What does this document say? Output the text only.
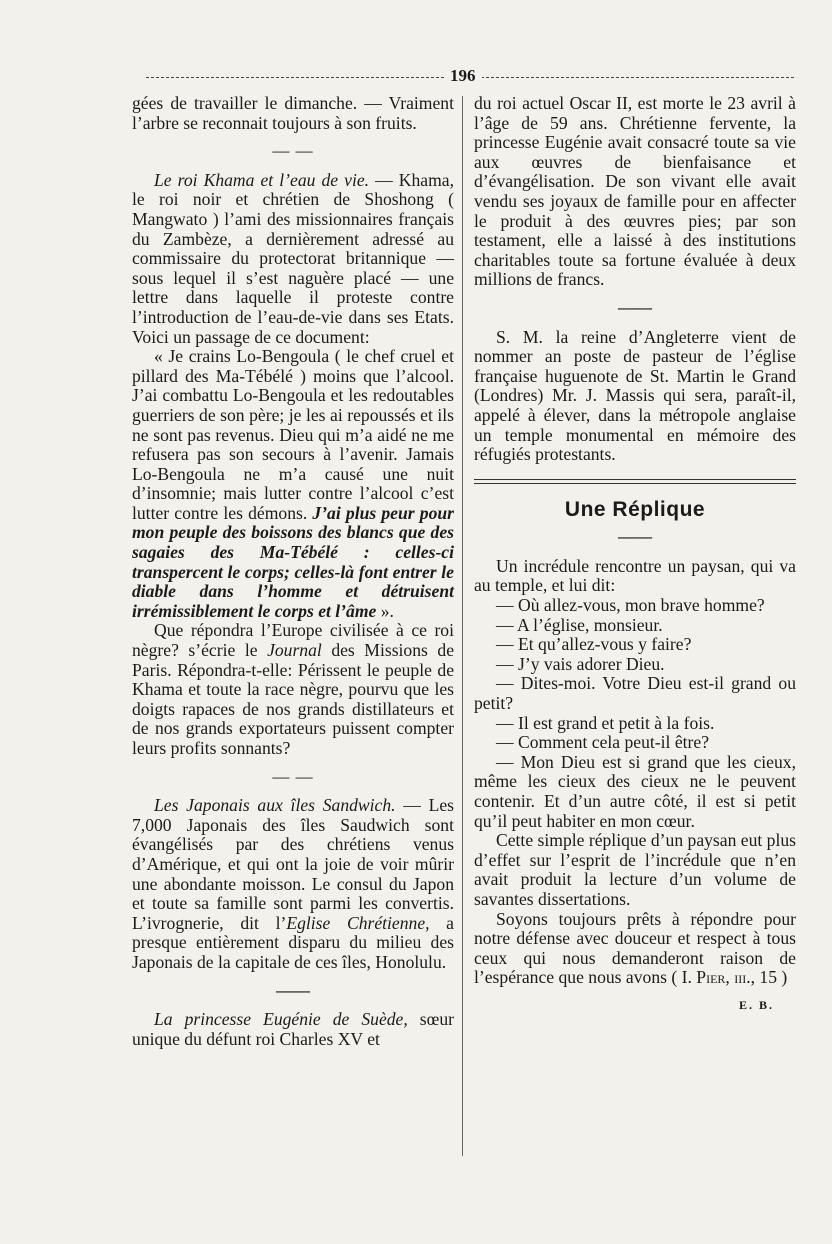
196

gées de travailler le dimanche. — Vraiment l’arbre se reconnait toujours à son fruits.

— —

Le roi Khama et l’eau de vie. — Khama, le roi noir et chrétien de Shoshong ( Mangwato ) l’ami des missionnaires français du Zambèze, a dernièrement adressé au commissaire du protectorat britannique — sous lequel il s’est naguère placé — une lettre dans laquelle il proteste contre l’introduction de l’eau-de-vie dans ses Etats. Voici un passage de ce document:

« Je crains Lo-Bengoula ( le chef cruel et pillard des Ma-Tébélé ) moins que l’alcool. J’ai combattu Lo-Bengoula et les redoutables guerriers de son père; je les ai repoussés et ils ne sont pas revenus. Dieu qui m’a aidé ne me refusera pas son secours à l’avenir. Jamais Lo-Bengoula ne m’a causé une nuit d’insomnie; mais lutter contre l’alcool c’est lutter contre les démons. J’ai plus peur pour mon peuple des boissons des blancs que des sagaies des Ma-Tébélé : celles-ci transpercent le corps; celles-là font entrer le diable dans l’homme et détruisent irrémissiblement le corps et l’âme ».

Que répondra l’Europe civilisée à ce roi nègre? s’écrie le Journal des Missions de Paris. Répondra-t-elle: Périssent le peuple de Khama et toute la race nègre, pourvu que les doigts rapaces de nos grands distillateurs et de nos grands exportateurs puissent compter leurs profits sonnants?

— —

Les Japonais aux îles Sandwich. — Les 7,000 Japonais des îles Saudwich sont évangélisés par des chrétiens venus d’Amérique, et qui ont la joie de voir mûrir une abondante moisson. Le consul du Japon et toute sa famille sont parmi les convertis. L’ivrognerie, dit l’Eglise Chrétienne, a presque entièrement disparu du milieu des Japonais de la capitale de ces îles, Honolulu.

——

La princesse Eugénie de Suède, sœur unique du défunt roi Charles XV et

du roi actuel Oscar II, est morte le 23 avril à l’âge de 59 ans. Chrétienne fervente, la princesse Eugénie avait consacré toute sa vie aux œuvres de bienfaisance et d’évangélisation. De son vivant elle avait vendu ses joyaux de famille pour en affecter le produit à des œuvres pies; par son testament, elle a laissé à des institutions charitables toute sa fortune évaluée à deux millions de francs.

——

S. M. la reine d’Angleterre vient de nommer an poste de pasteur de l’église française huguenote de St. Martin le Grand (Londres) Mr. J. Massis qui sera, paraît-il, appelé à élever, dans la métropole anglaise un temple monumental en mémoire des réfugiés protestants.

Une Réplique
——

Un incrédule rencontre un paysan, qui va au temple, et lui dit:

— Où allez-vous, mon brave homme?

— A l’église, monsieur.

— Et qu’allez-vous y faire?

— J’y vais adorer Dieu.

— Dites-moi. Votre Dieu est-il grand ou petit?

— Il est grand et petit à la fois.

— Comment cela peut-il être?

— Mon Dieu est si grand que les cieux, même les cieux des cieux ne le peuvent contenir. Et d’un autre côté, il est si petit qu’il peut habiter en mon cœur.

Cette simple réplique d’un paysan eut plus d’effet sur l’esprit de l’incrédule que n’en avait produit la lecture d’un volume de savantes dissertations.

Soyons toujours prêts à répondre pour notre défense avec douceur et respect à tous ceux qui nous demanderont raison de l’espérance que nous avons ( I. Pier, iii., 15 )

E. B.
